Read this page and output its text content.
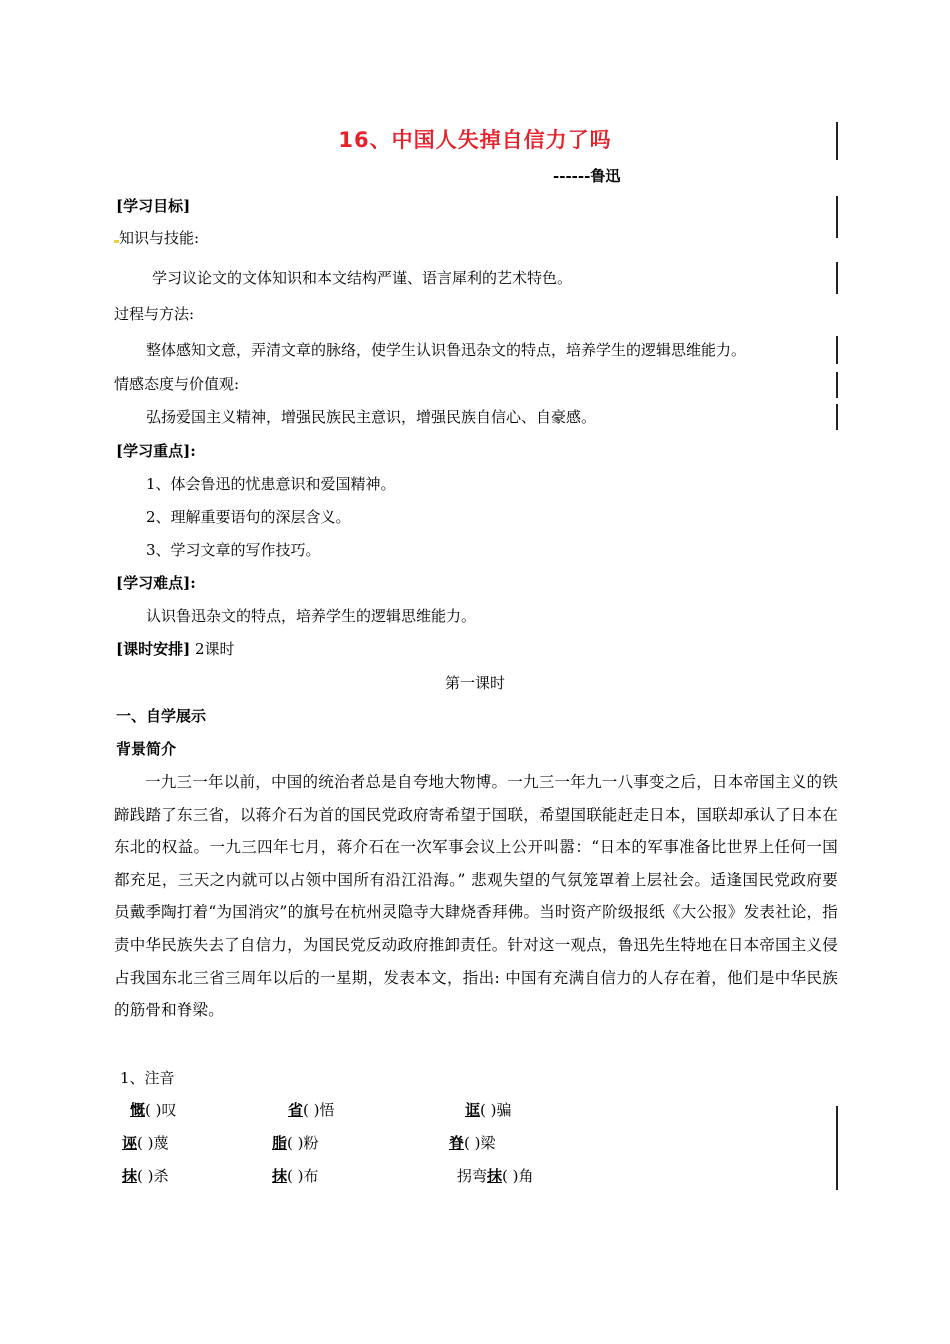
16、中国人失掉自信力了吗
------鲁迅
[学习目标]
知识与技能:
学习议论文的文体知识和本文结构严谨、语言犀利的艺术特色。
过程与方法:
整体感知文意，弄清文章的脉络，使学生认识鲁迅杂文的特点，培养学生的逻辑思维能力。
情感态度与价值观:
弘扬爱国主义精神，增强民族民主意识，增强民族自信心、自豪感。
[学习重点]:
1、体会鲁迅的忧患意识和爱国精神。
2、理解重要语句的深层含义。
3、学习文章的写作技巧。
[学习难点]:
认识鲁迅杂文的特点，培养学生的逻辑思维能力。
[课时安排] 2课时
第一课时
一、自学展示
背景简介
一九三一年以前，中国的统治者总是自夸地大物博。一九三一年九一八事变之后，日本帝国主义的铁蹄践踏了东三省，以蒋介石为首的国民党政府寄希望于国联，希望国联能赶走日本，国联却承认了日本在东北的权益。一九三四年七月，蒋介石在一次军事会议上公开叫嚣：“日本的军事准备比世界上任何一国都充足，三天之内就可以占领中国所有沿江沿海。” 悲观失望的气氛笼罩着上层社会。适逢国民党政府要员戴季陶打着“为国消灾”的旗号在杭州灵隐寺大肆烧香拜佛。当时资产阶级报纸《大公报》发表社论，指责中华民族失去了自信力，为国民党反动政府推卸责任。针对这一观点，鲁迅先生特地在日本帝国主义侵占我国东北三省三周年以后的一星期，发表本文，指出: 中国有充满自信力的人存在着，他们是中华民族的筋骨和脊梁。
1、注音
慨( )叹	省( )悟	诓( )骗
诬( )蔑	脂( )粉	脊( )梁
抹( )杀	抹( )布	拐弯抹( )角
